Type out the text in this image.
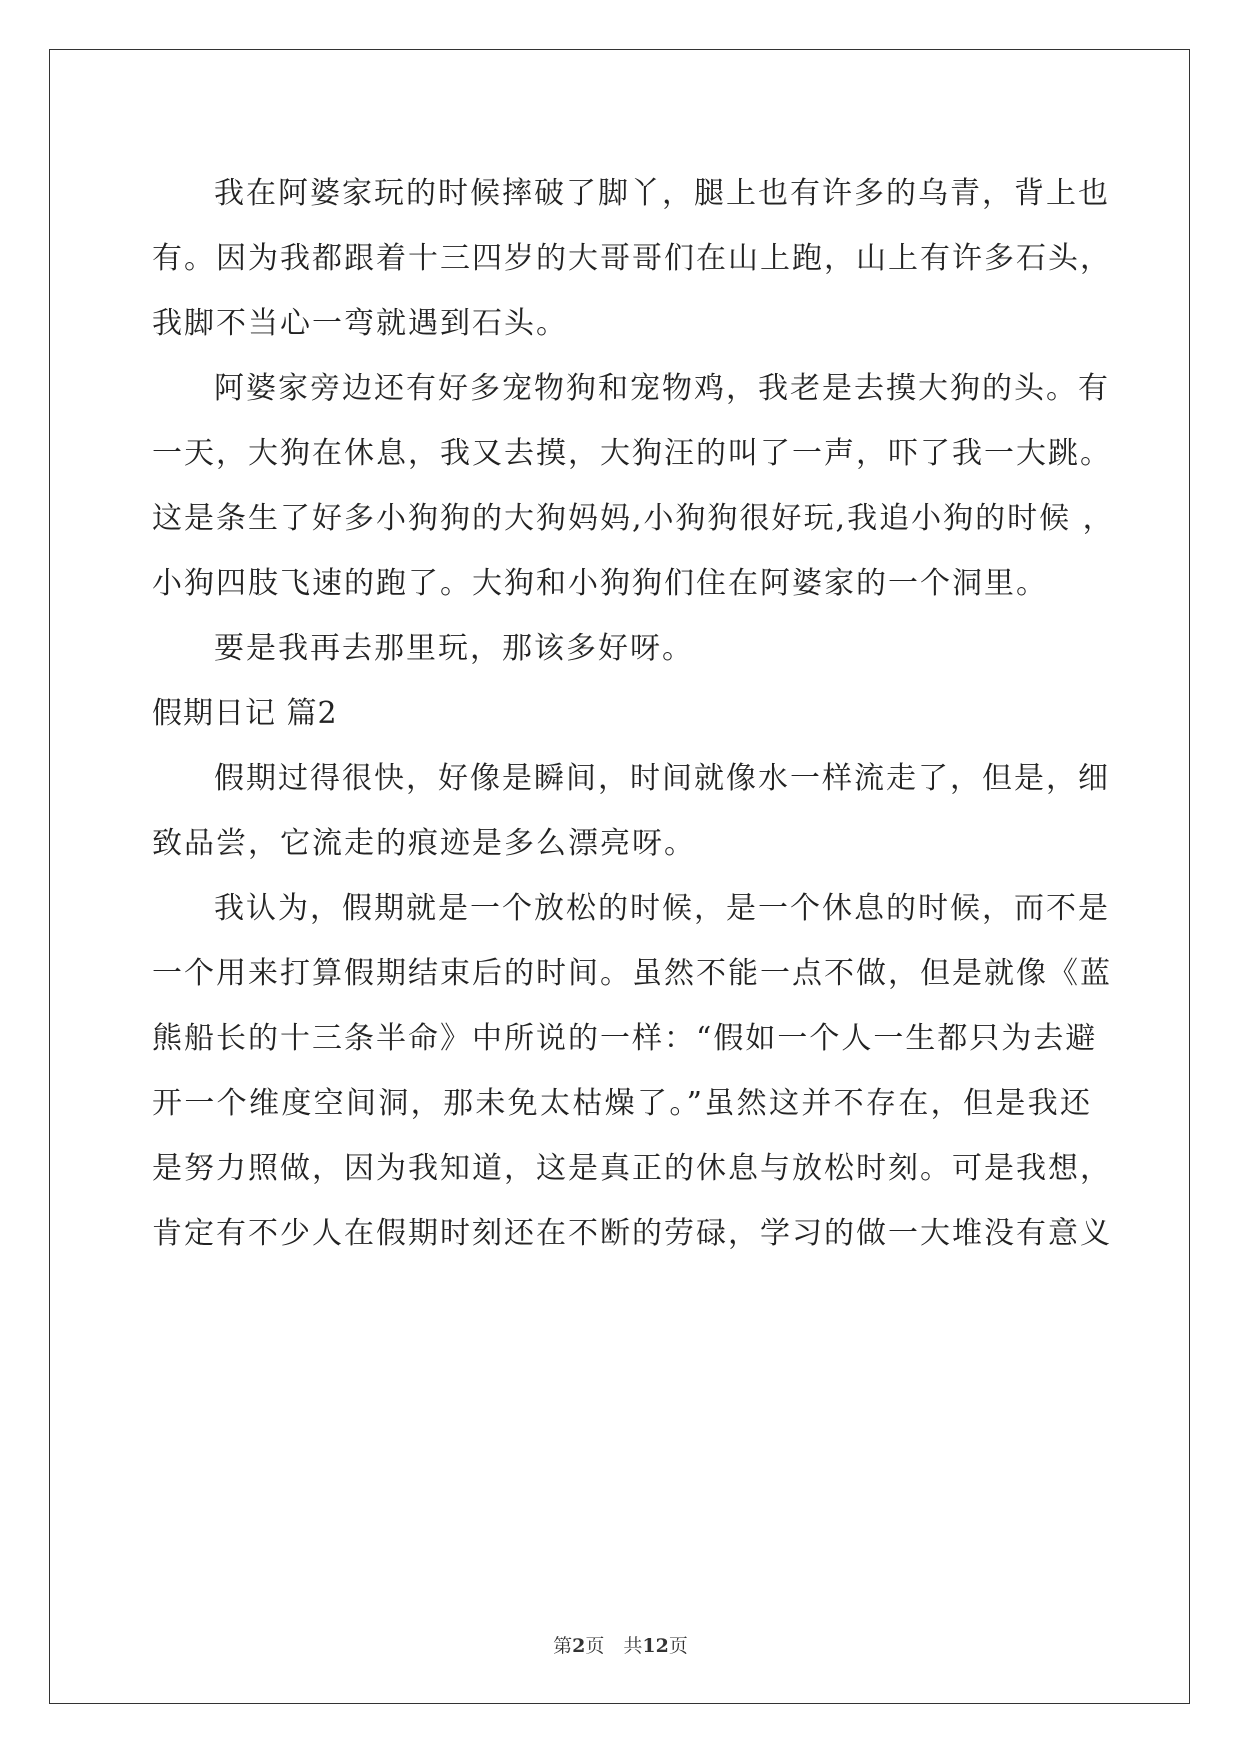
我在阿婆家玩的时候摔破了脚丫，腿上也有许多的乌青，背上也
有。因为我都跟着十三四岁的大哥哥们在山上跑，山上有许多石头，
我脚不当心一弯就遇到石头。
阿婆家旁边还有好多宠物狗和宠物鸡，我老是去摸大狗的头。有
一天，大狗在休息，我又去摸，大狗汪的叫了一声，吓了我一大跳。
这是条生了好多小狗狗的大狗妈妈,小狗狗很好玩,我追小狗的时候 ，
小狗四肢飞速的跑了。大狗和小狗狗们住在阿婆家的一个洞里。
要是我再去那里玩，那该多好呀。
假期日记 篇2
假期过得很快，好像是瞬间，时间就像水一样流走了，但是，细
致品尝，它流走的痕迹是多么漂亮呀。
我认为，假期就是一个放松的时候，是一个休息的时候，而不是
一个用来打算假期结束后的时间。虽然不能一点不做，但是就像《蓝
熊船长的十三条半命》中所说的一样：“假如一个人一生都只为去避
开一个维度空间洞，那未免太枯燥了。”虽然这并不存在，但是我还
是努力照做，因为我知道，这是真正的休息与放松时刻。可是我想，
肯定有不少人在假期时刻还在不断的劳碌，学习的做一大堆没有意义
第2页　共12页
